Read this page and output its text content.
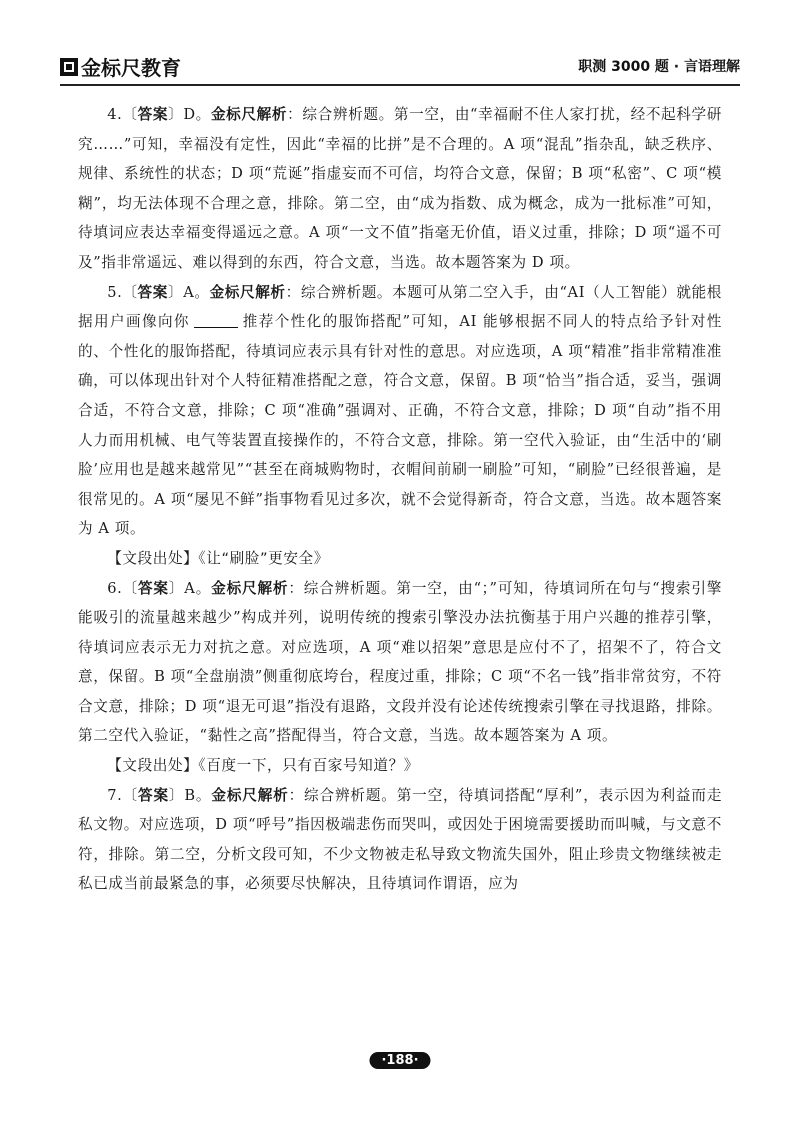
金标尺教育	职测 3000 题 · 言语理解

4.〔答案〕D。金标尺解析：综合辨析题。第一空，由“幸福耐不住人家打扰，经不起科学研究……”可知，幸福没有定性，因此“幸福的比拼”是不合理的。A 项“混乱”指杂乱，缺乏秩序、规律、系统性的状态；D 项“荒诞”指虚妄而不可信，均符合文意，保留；B 项“私密”、C 项“模糊”，均无法体现不合理之意，排除。第二空，由“成为指数、成为概念，成为一批标准”可知，待填词应表达幸福变得遥远之意。A 项“一文不值”指毫无价值，语义过重，排除；D 项“遥不可及”指非常遥远、难以得到的东西，符合文意，当选。故本题答案为 D 项。

5.〔答案〕A。金标尺解析：综合辨析题。本题可从第二空入手，由“AI（人工智能）就能根据用户画像向你	推荐个性化的服饰搭配”可知，AI 能够根据不同人的特点给予针对性的、个性化的服饰搭配，待填词应表示具有针对性的意思。对应选项，A 项“精准”指非常精准准确，可以体现出针对个人特征精准搭配之意，符合文意，保留。B 项“恰当”指合适，妥当，强调合适，不符合文意，排除；C 项“准确”强调对、正确，不符合文意，排除；D 项“自动”指不用人力而用机械、电气等装置直接操作的，不符合文意，排除。第一空代入验证，由“生活中的‘刷脸’应用也是越来越常见”“甚至在商城购物时，衣帽间前刷一刷脸”可知，“刷脸”已经很普遍，是很常见的。A 项“屡见不鲜”指事物看见过多次，就不会觉得新奇，符合文意，当选。故本题答案为 A 项。

【文段出处】《让“刷脸”更安全》

6.〔答案〕A。金标尺解析：综合辨析题。第一空，由“；”可知，待填词所在句与“搜索引擎能吸引的流量越来越少”构成并列，说明传统的搜索引擎没办法抗衡基于用户兴趣的推荐引擎，待填词应表示无力对抗之意。对应选项，A 项“难以招架”意思是应付不了，招架不了，符合文意，保留。B 项“全盘崩溃”侧重彻底垮台，程度过重，排除；C 项“不名一钱”指非常贫穷，不符合文意，排除；D 项“退无可退”指没有退路，文段并没有论述传统搜索引擎在寻找退路，排除。第二空代入验证，“黏性之高”搭配得当，符合文意，当选。故本题答案为 A 项。

【文段出处】《百度一下，只有百家号知道？》

7.〔答案〕B。金标尺解析：综合辨析题。第一空，待填词搭配“厚利”，表示因为利益而走私文物。对应选项，D 项“呼号”指因极端悲伤而哭叫，或因处于困境需要援助而叫喊，与文意不符，排除。第二空，分析文段可知，不少文物被走私导致文物流失国外，阻止珍贵文物继续被走私已成当前最紧急的事，必须要尽快解决，且待填词作谓语，应为

·188·
